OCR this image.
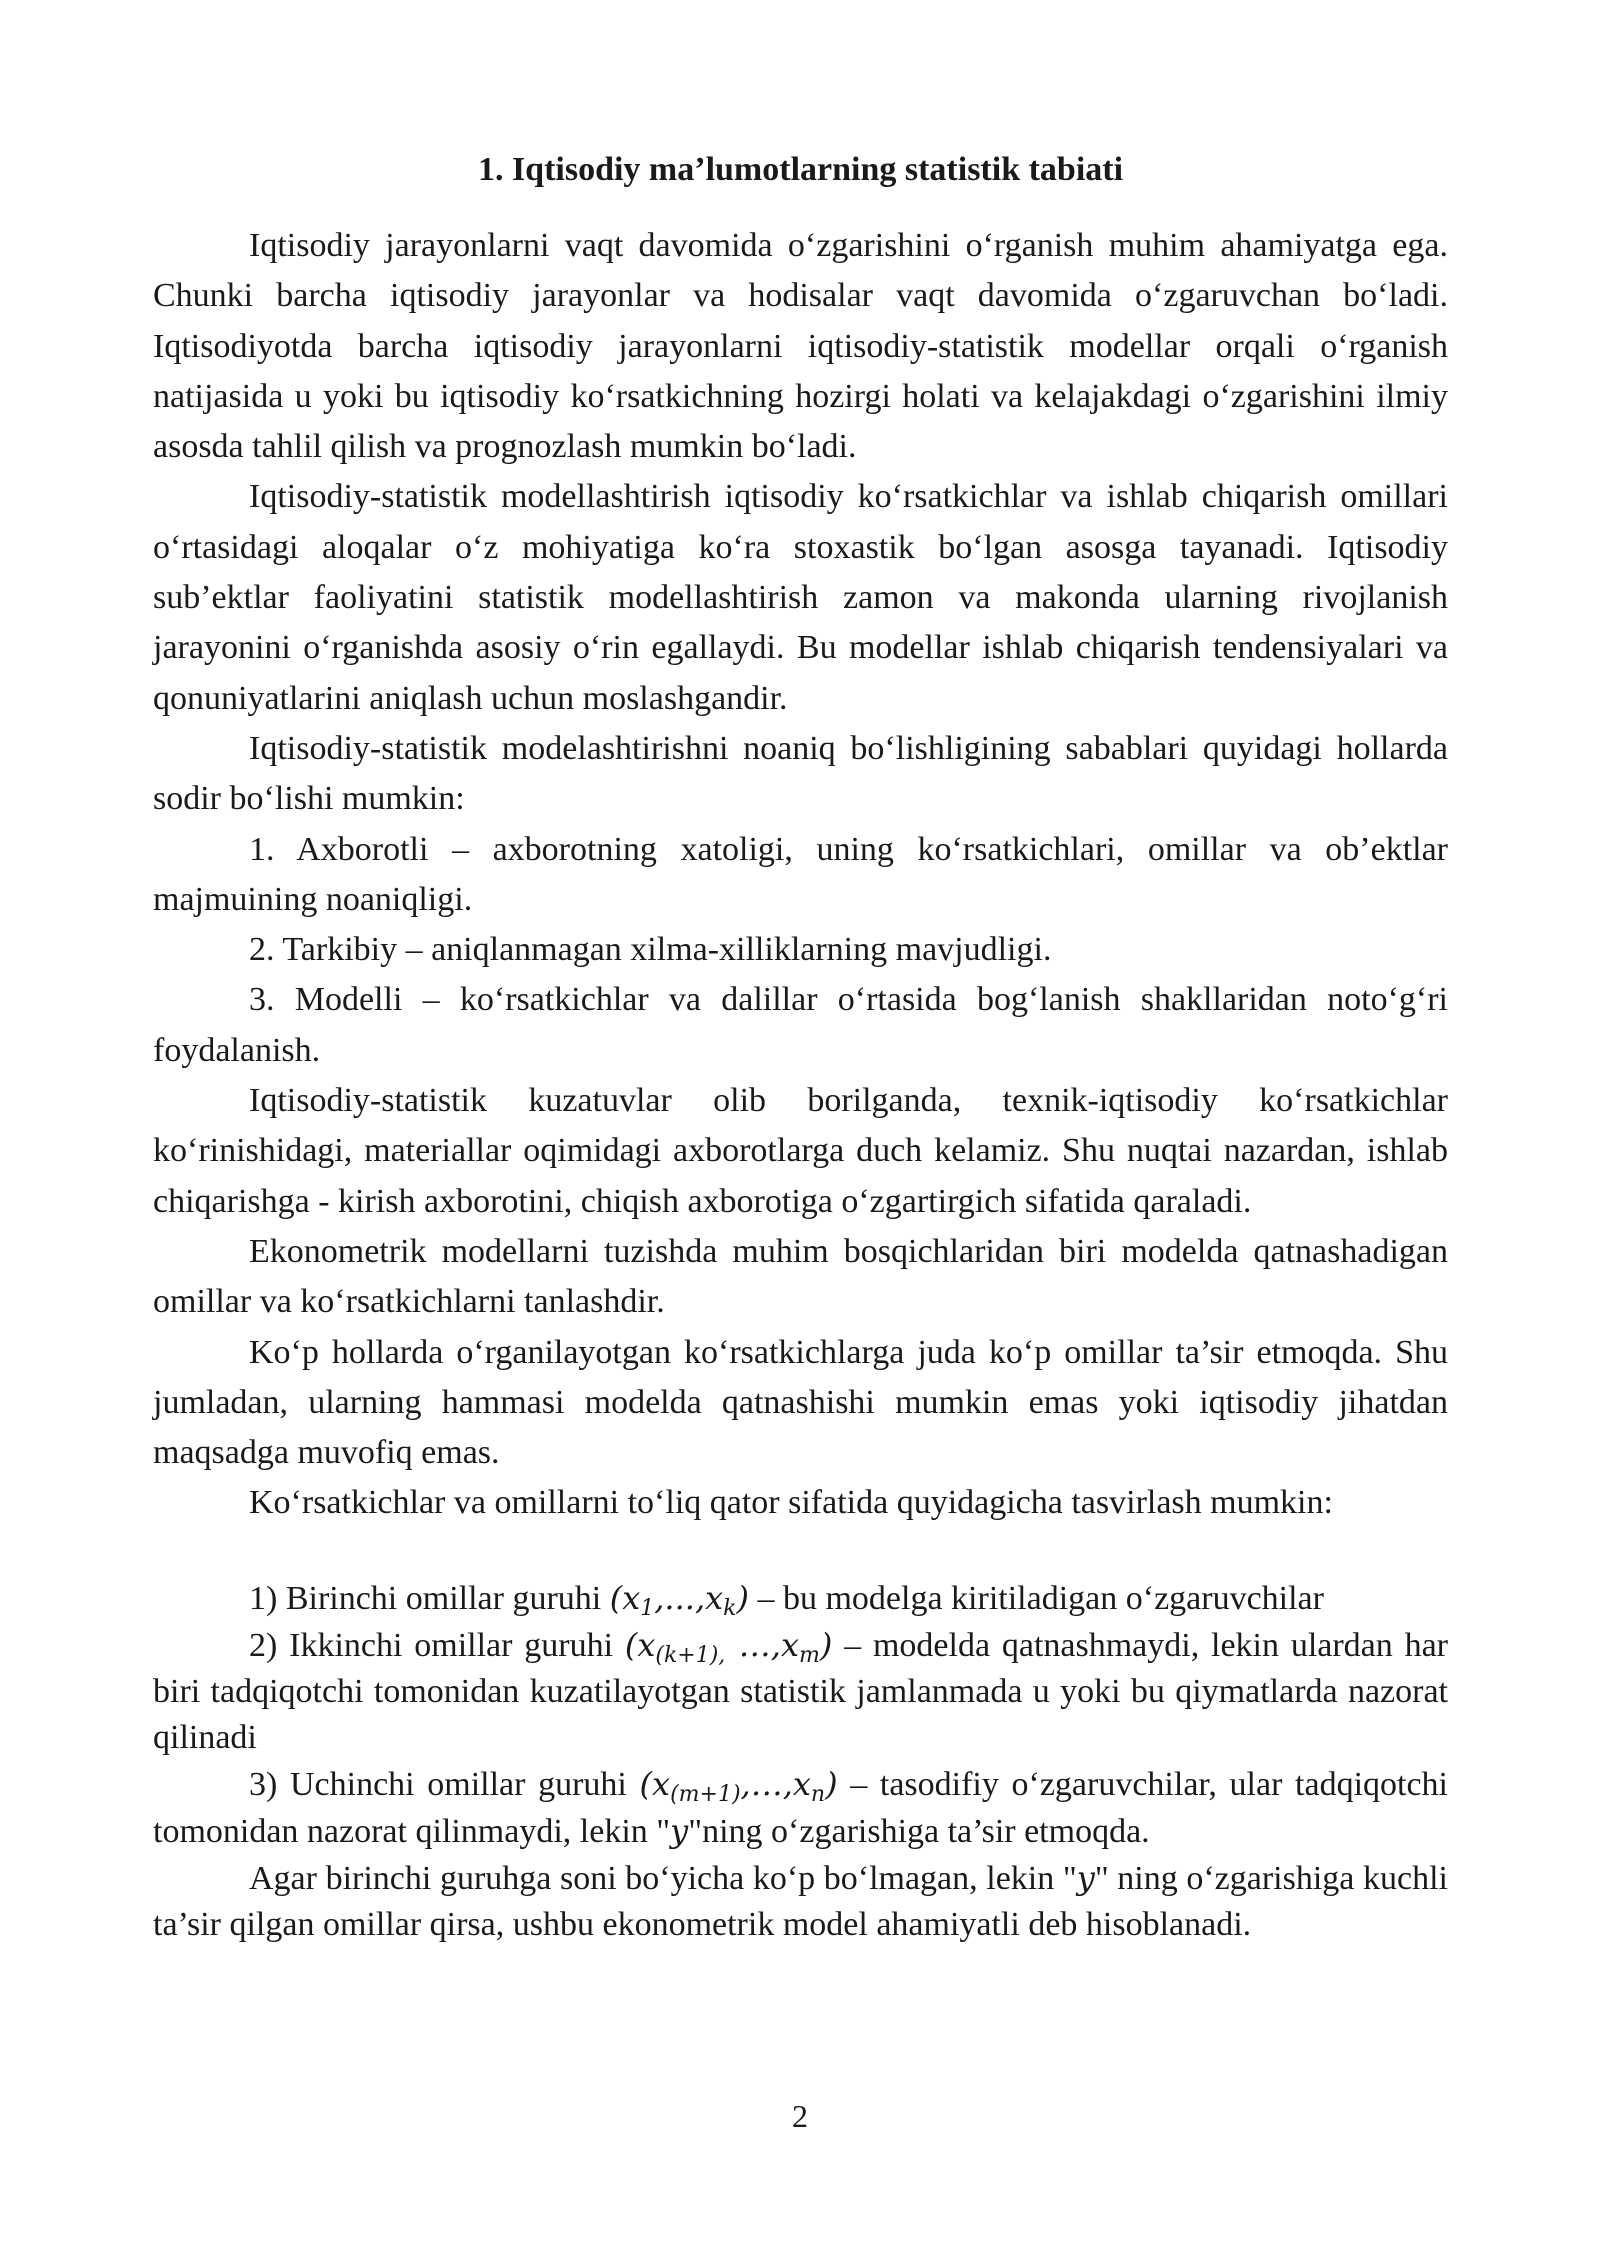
1. Iqtisodiy ma’lumotlarning statistik tabiati

Iqtisodiy jarayonlarni vaqt davomida o‘zgarishini o‘rganish muhim ahamiyatga ega. Chunki barcha iqtisodiy jarayonlar va hodisalar vaqt davomida o‘zgaruvchan bo‘ladi. Iqtisodiyotda barcha iqtisodiy jarayonlarni iqtisodiy-statistik modellar orqali o‘rganish natijasida u yoki bu iqtisodiy ko‘rsatkichning hozirgi holati va kelajakdagi o‘zgarishini ilmiy asosda tahlil qilish va prognozlash mumkin bo‘ladi.

Iqtisodiy-statistik modellashtirish iqtisodiy ko‘rsatkichlar va ishlab chiqarish omillari o‘rtasidagi aloqalar o‘z mohiyatiga ko‘ra stoxastik bo‘lgan asosga tayanadi. Iqtisodiy sub’ektlar faoliyatini statistik modellashtirish zamon va makonda ularning rivojlanish jarayonini o‘rganishda asosiy o‘rin egallaydi. Bu modellar ishlab chiqarish tendensiyalari va qonuniyatlarini aniqlash uchun moslashgandir.

Iqtisodiy-statistik modelashtirishni noaniq bo‘lishligining sabablari quyidagi hollarda sodir bo‘lishi mumkin:

1. Axborotli – axborotning xatoligi, uning ko‘rsatkichlari, omillar va ob’ektlar majmuining noaniqligi.

2. Tarkibiy – aniqlanmagan xilma-xilliklarning mavjudligi.

3. Modelli – ko‘rsatkichlar va dalillar o‘rtasida bog‘lanish shakllaridan noto‘g‘ri foydalanish.

Iqtisodiy-statistik kuzatuvlar olib borilganda, texnik-iqtisodiy ko‘rsatkichlar ko‘rinishidagi, materiallar oqimidagi axborotlarga duch kelamiz. Shu nuqtai nazardan, ishlab chiqarishga - kirish axborotini, chiqish axborotiga o‘zgartirgich sifatida qaraladi.

Ekonometrik modellarni tuzishda muhim bosqichlaridan biri modelda qatnashadigan omillar va ko‘rsatkichlarni tanlashdir.

Ko‘p hollarda o‘rganilayotgan ko‘rsatkichlarga juda ko‘p omillar ta’sir etmoqda. Shu jumladan, ularning hammasi modelda qatnashishi mumkin emas yoki iqtisodiy jihatdan maqsadga muvofiq emas.

Ko‘rsatkichlar va omillarni to‘liq qator sifatida quyidagicha tasvirlash mumkin:

1) Birinchi omillar guruhi $(x_1,...,x_k)$ – bu modelga kiritiladigan o‘zgaruvchilar

2) Ikkinchi omillar guruhi ($x_{(k+1),}$ $\dots,x_m$) – modelda qatnashmaydi, lekin ulardan har biri tadqiqotchi tomonidan kuzatilayotgan statistik jamlanmada u yoki bu qiymatlarda nazorat qilinadi

3) Uchinchi omillar guruhi $(x_{(m+1)},\dots,x_n)$ – tasodifiy o‘zgaruvchilar, ular tadqiqotchi tomonidan nazorat qilinmaydi, lekin "y"ning o‘zgarishiga ta’sir etmoqda.

Agar birinchi guruhga soni bo‘yicha ko‘p bo‘lmagan, lekin "y" ning o‘zgarishiga kuchli ta’sir qilgan omillar qirsa, ushbu ekonometrik model ahamiyatli deb hisoblanadi.

2
